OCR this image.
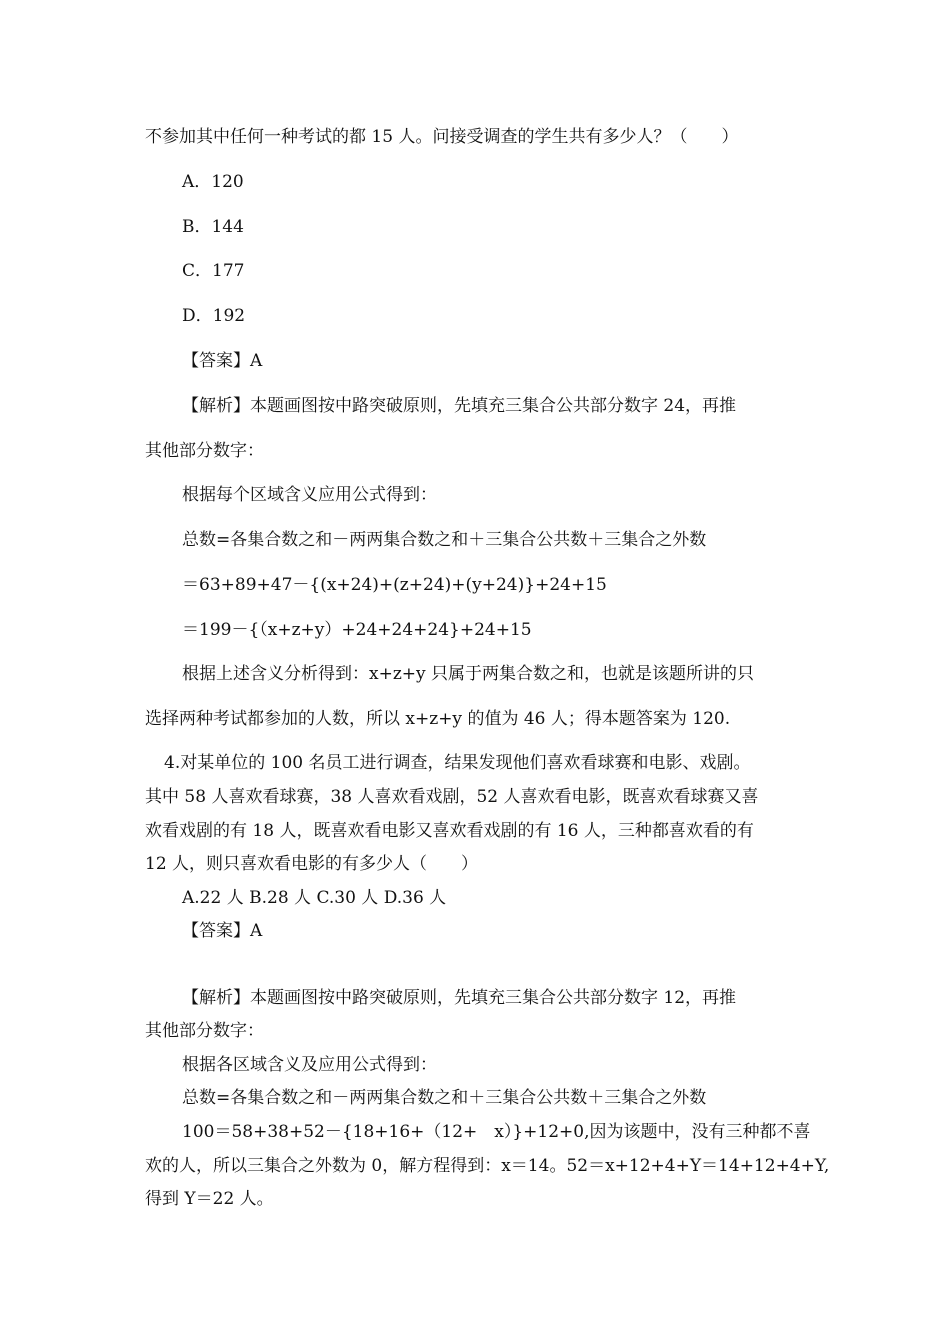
不参加其中任何一种考试的都 15 人。问接受调查的学生共有多少人？（　　）
A．120
B．144
C．177
D．192
【答案】A
【解析】本题画图按中路突破原则，先填充三集合公共部分数字 24，再推
其他部分数字：
根据每个区域含义应用公式得到：
总数=各集合数之和－两两集合数之和＋三集合公共数＋三集合之外数
＝63+89+47－{(x+24)+(z+24)+(y+24)}+24+15
＝199－{（x+z+y）+24+24+24}+24+15
根据上述含义分析得到：x+z+y 只属于两集合数之和，也就是该题所讲的只
选择两种考试都参加的人数，所以 x+z+y 的值为 46 人；得本题答案为 120.
4.对某单位的 100 名员工进行调查，结果发现他们喜欢看球赛和电影、戏剧。
其中 58 人喜欢看球赛，38 人喜欢看戏剧，52 人喜欢看电影，既喜欢看球赛又喜
欢看戏剧的有 18 人，既喜欢看电影又喜欢看戏剧的有 16 人，三种都喜欢看的有
12 人，则只喜欢看电影的有多少人（　　）
A.22 人 B.28 人 C.30 人 D.36 人
【答案】A
【解析】本题画图按中路突破原则，先填充三集合公共部分数字 12，再推
其他部分数字：
根据各区域含义及应用公式得到：
总数=各集合数之和－两两集合数之和＋三集合公共数＋三集合之外数
100＝58+38+52－{18+16+（12+　x）}+12+0,因为该题中，没有三种都不喜
欢的人，所以三集合之外数为 0，解方程得到：x＝14。52＝x+12+4+Y＝14+12+4+Y,
得到 Y＝22 人。
